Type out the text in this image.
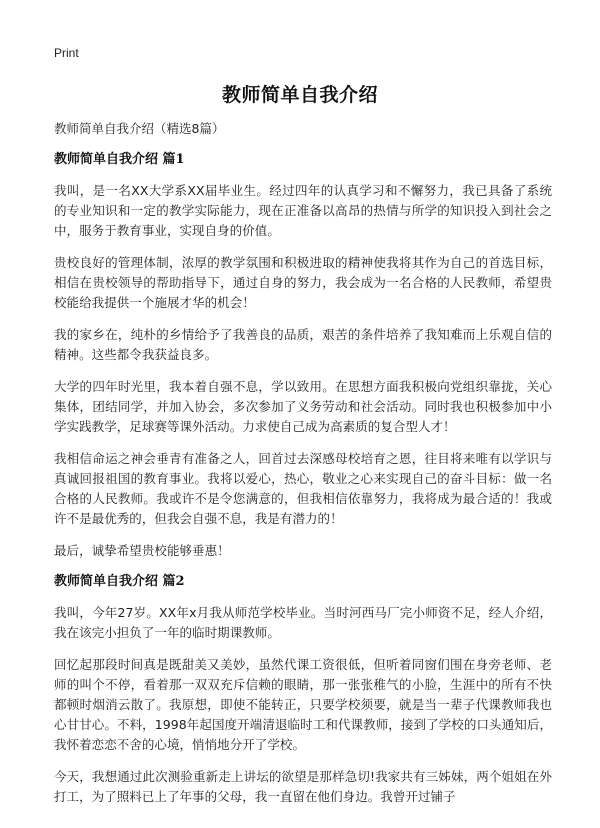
Print
教师简单自我介绍
教师简单自我介绍（精选8篇）
教师简单自我介绍 篇1

我叫，是一名XX大学系XX届毕业生。经过四年的认真学习和不懈努力，我已具备了系统的专业知识和一定的教学实际能力，现在正准备以高昂的热情与所学的知识投入到社会之中，服务于教育事业，实现自身的价值。

贵校良好的管理体制，浓厚的教学氛围和积极进取的精神使我将其作为自己的首选目标，相信在贵校领导的帮助指导下，通过自身的努力，我会成为一名合格的人民教师，希望贵校能给我提供一个施展才华的机会！

我的家乡在，纯朴的乡情给予了我善良的品质，艰苦的条件培养了我知难而上乐观自信的精神。这些都令我获益良多。

大学的四年时光里，我本着自强不息，学以致用。在思想方面我积极向党组织靠拢，关心集体，团结同学，并加入协会，多次参加了义务劳动和社会活动。同时我也积极参加中小学实践教学，足球赛等课外活动。力求使自己成为高素质的复合型人才！

我相信命运之神会垂青有准备之人，回首过去深感母校培育之恩，往目将来唯有以学识与真诚回报祖国的教育事业。我将以爱心，热心，敬业之心来实现自己的奋斗目标：做一名合格的人民教师。我或许不是令您满意的，但我相信依靠努力，我将成为最合适的！我或许不是最优秀的，但我会自强不息，我是有潜力的！

最后，诚挚希望贵校能够垂惠！

教师简单自我介绍 篇2

我叫，今年27岁。XX年x月我从师范学校毕业。当时河西马厂完小师资不足，经人介绍，我在该完小担负了一年的临时期课教师。

回忆起那段时间真是既甜美又美妙，虽然代课工资很低，但听着同窗们围在身旁老师、老师的叫个不停，看着那一双双充斥信赖的眼睛，那一张张稚气的小脸，生涯中的所有不快都顿时烟消云散了。我原想，即使不能转正，只要学校须要，就是当一辈子代课教师我也心甘甘心。不料，1998年起国度开端清退临时工和代课教师，接到了学校的口头通知后，我怀着恋恋不舍的心境，悄悄地分开了学校。

今天，我想通过此次测验重新走上讲坛的欲望是那样急切!我家共有三姊妹，两个姐姐在外打工，为了照料已上了年事的父母，我一直留在他们身边。我曾开过铺子
